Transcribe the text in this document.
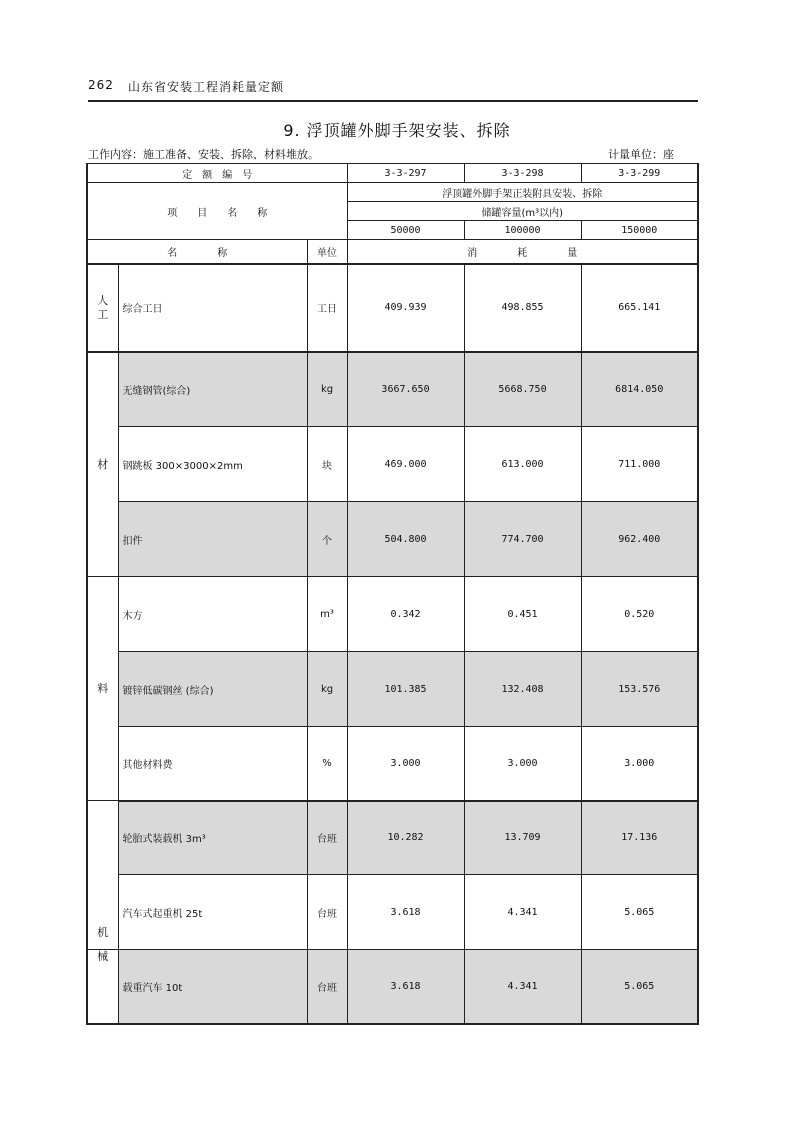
262 山东省安装工程消耗量定额
9. 浮顶罐外脚手架安装、拆除
工作内容：施工准备、安装、拆除、材料堆放。	计量单位：座
定　额　编　号			3-3-297	3-3-298	3-3-299
项　　目　　名　　称			浮顶罐外脚手架正装附具安装、拆除		
			储罐容量(m³以内)		
			50000	100000	150000
名　　　　称		单位	消　　　　耗　　　　量		
人
工	综合工日	工日	409.939	498.855	665.141
材	无缝钢管(综合)	kg	3667.650	5668.750	6814.050
	钢跳板 300×3000×2mm	块	469.000	613.000	711.000
	扣件	个	504.800	774.700	962.400
料	木方	m³	0.342	0.451	0.520
	镀锌低碳钢丝 (综合)	kg	101.385	132.408	153.576
	其他材料费	%	3.000	3.000	3.000
机	轮胎式装载机 3m³	台班	10.282	13.709	17.136
	汽车式起重机 25t	台班	3.618	4.341	5.065
械	载重汽车 10t	台班	3.618	4.341	5.065
